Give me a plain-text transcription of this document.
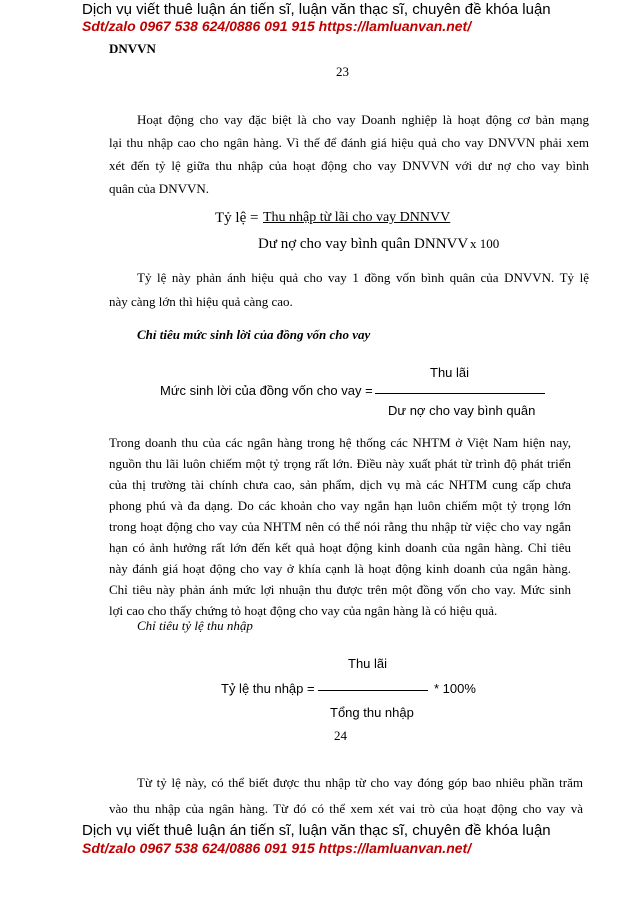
Dịch vụ viết thuê luận án tiến sĩ, luận văn thạc sĩ, chuyên đề khóa luận
Sdt/zalo 0967 538 624/0886 091 915 https://lamluanvan.net/
DNVVN
23
Hoạt động cho vay đặc biệt là cho vay Doanh nghiệp là hoạt động cơ bản mạng
lại thu nhập cao cho ngân hàng. Vì thế để đánh giá hiệu quả cho vay DNVVN phải xem
xét đến tỷ lệ giữa thu nhập của hoạt động cho vay DNVVN với dư nợ cho vay bình
quân của DNVVN.
Tỷ lệ = Thu nhập từ lãi cho vay DNNVV
Dư nợ cho vay bình quân DNNVV x 100
Tỷ lệ này phản ánh hiệu quả cho vay 1 đồng vốn bình quân của DNVVN. Tỷ lệ
này càng lớn thì hiệu quả càng cao.
Chỉ tiêu mức sinh lời của đồng vốn cho vay
Thu lãi
Mức sinh lời của đồng vốn cho vay =
Dư nợ cho vay bình quân
Trong doanh thu của các ngân hàng trong hệ thống các NHTM ở Việt Nam hiện nay,
nguồn thu lãi luôn chiếm một tỷ trọng rất lớn. Điều này xuất phát từ trình độ phát triển
của thị trường tài chính chưa cao, sản phẩm, dịch vụ mà các NHTM cung cấp chưa
phong phú và đa dạng. Do các khoản cho vay ngắn hạn luôn chiếm một tỷ trọng lớn
trong hoạt động cho vay của NHTM nên có thể nói rằng thu nhập từ việc cho vay ngắn
hạn có ảnh hưởng rất lớn đến kết quả hoạt động kinh doanh của ngân hàng. Chỉ tiêu
này đánh giá hoạt động cho vay ở khía cạnh là hoạt động kinh doanh của ngân hàng.
Chỉ tiêu này phản ánh mức lợi nhuận thu được trên một đồng vốn cho vay. Mức sinh
lợi cao cho thấy chứng tỏ hoạt động cho vay của ngân hàng là có hiệu quả.
Chỉ tiêu tỷ lệ thu nhập
Thu lãi
Tỷ lệ thu nhập =	* 100%
Tổng thu nhập
24
Từ tỷ lệ này, có thể biết được thu nhập từ cho vay đóng góp bao nhiêu phần trăm
vào thu nhập của ngân hàng. Từ đó có thể xem xét vai trò của hoạt động cho vay và
Dịch vụ viết thuê luận án tiến sĩ, luận văn thạc sĩ, chuyên đề khóa luận
Sdt/zalo 0967 538 624/0886 091 915 https://lamluanvan.net/
